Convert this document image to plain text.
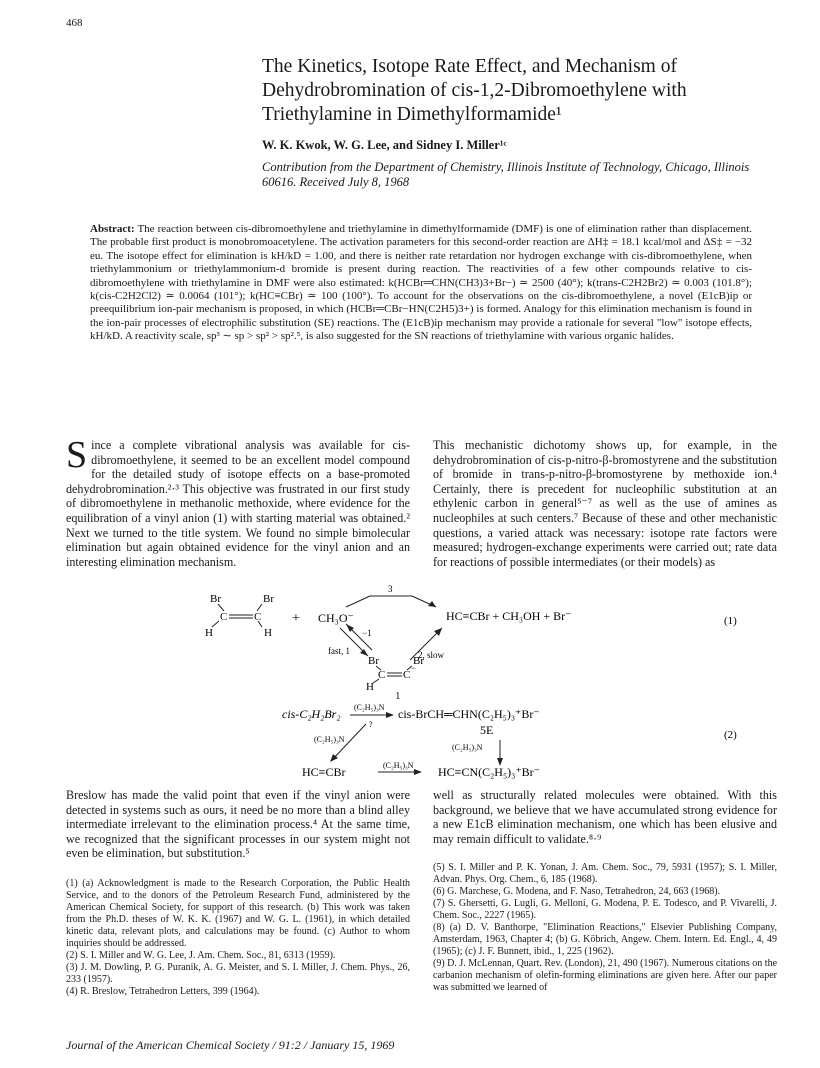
468
The Kinetics, Isotope Rate Effect, and Mechanism of Dehydrobromination of cis-1,2-Dibromoethylene with Triethylamine in Dimethylformamide¹
W. K. Kwok, W. G. Lee, and Sidney I. Miller¹ᶜ
Contribution from the Department of Chemistry, Illinois Institute of Technology, Chicago, Illinois 60616. Received July 8, 1968
Abstract: The reaction between cis-dibromoethylene and triethylamine in dimethylformamide (DMF) is one of elimination rather than displacement. The probable first product is monobromoacetylene. The activation parameters for this second-order reaction are ΔH‡ = 18.1 kcal/mol and ΔS‡ = −32 eu. The isotope effect for elimination is kH/kD = 1.00, and there is neither rate retardation nor hydrogen exchange with cis-dibromoethylene, when triethylammonium or triethylammonium-d bromide is present during reaction. The reactivities of a few other compounds relative to cis-dibromoethylene with triethylamine in DMF were also estimated: k(HCBr═CHN(CH3)3+Br−) ≃ 2500 (40°); k(trans-C2H2Br2) ≃ 0.003 (101.8°); k(cis-C2H2Cl2) ≃ 0.0064 (101°); k(HC≡CBr) ≃ 100 (100°). To account for the observations on the cis-dibromoethylene, a novel (E1cB)ip or preequilibrium ion-pair mechanism is proposed, in which (HCBr═CBr−HN(C2H5)3+) is formed. Analogy for this elimination mechanism is found in the ion-pair processes of electrophilic substitution (SE) reactions. The (E1cB)ip mechanism may provide a rationale for several "low" isotope effects, kH/kD. A reactivity scale, sp³ ∼ sp > sp² > sp².⁵, is also suggested for the SN reactions of triethylamine with various organic halides.
Since a complete vibrational analysis was available for cis-dibromoethylene, it seemed to be an excellent model compound for the detailed study of isotope effects on a base-promoted dehydrobromination.²·³ This objective was frustrated in our first study of dibromoethylene in methanolic methoxide, where evidence for the equilibration of a vinyl anion (1) with starting material was obtained.² Next we turned to the title system. We found no simple bimolecular elimination but again obtained evidence for the vinyl anion and an interesting elimination mechanism.
This mechanistic dichotomy shows up, for example, in the dehydrobromination of cis-p-nitro-β-bromostyrene and the substitution of bromide in trans-p-nitro-β-bromostyrene by methoxide ion.⁴ Certainly, there is precedent for nucleophilic substitution at an ethylenic carbon in general⁵⁻⁷ as well as the use of amines as nucleophiles at such centers.⁷ Because of these and other mechanistic questions, a varied attack was necessary: isotope rate factors were measured; hydrogen-exchange experiments were carried out; rate data for reactions of possible intermediates (or their models) as
Br	Br
C C
H	H
+ CH₃O⁻
3
HC≡CBr + CH₃OH + Br⁻
−1
fast, 1	2, slow
Br	Br
C C
−
H
(1)
1
cis-C₂H₂Br₂ (C₂H₅)₃N
?
cis-BrCH═CHN(C₂H₅)₃⁺Br⁻
5E
(C₂H₅)₃N
(C₂H₅)₃N
HC≡CBr	(C₂H₅)₃N HC≡CN(C₂H₅)₃⁺Br⁻
(2)
Breslow has made the valid point that even if the vinyl anion were detected in systems such as ours, it need be no more than a blind alley intermediate irrelevant to the elimination process.⁴ At the same time, we recognized that the significant processes in our system might not even be elimination, but substitution.⁵
well as structurally related molecules were obtained. With this background, we believe that we have accumulated strong evidence for a new E1cB elimination mechanism, one which has been elusive and may remain difficult to validate.⁸·⁹

(1) (a) Acknowledgment is made to the Research Corporation, the Public Health Service, and to the donors of the Petroleum Research Fund, administered by the American Chemical Society, for support of this research. (b) This work was taken from the Ph.D. theses of W. K. K. (1967) and W. G. L. (1961), in which detailed kinetic data, relevant plots, and calculations may be found. (c) Author to whom inquiries should be addressed.

(2) S. I. Miller and W. G. Lee, J. Am. Chem. Soc., 81, 6313 (1959).

(3) J. M. Dowling, P. G. Puranik, A. G. Meister, and S. I. Miller, J. Chem. Phys., 26, 233 (1957).

(4) R. Breslow, Tetrahedron Letters, 399 (1964).

(5) S. I. Miller and P. K. Yonan, J. Am. Chem. Soc., 79, 5931 (1957); S. I. Miller, Advan. Phys. Org. Chem., 6, 185 (1968).

(6) G. Marchese, G. Modena, and F. Naso, Tetrahedron, 24, 663 (1968).

(7) S. Ghersetti, G. Lugli, G. Melloni, G. Modena, P. E. Todesco, and P. Vivarelli, J. Chem. Soc., 2227 (1965).

(8) (a) D. V. Banthorpe, "Elimination Reactions," Elsevier Publishing Company, Amsterdam, 1963, Chapter 4; (b) G. Köbrich, Angew. Chem. Intern. Ed. Engl., 4, 49 (1965); (c) J. F. Bunnett, ibid., 1, 225 (1962).

(9) D. J. McLennan, Quart. Rev. (London), 21, 490 (1967). Numerous citations on the carbanion mechanism of olefin-forming eliminations are given here. After our paper was submitted we learned of

Journal of the American Chemical Society / 91:2 / January 15, 1969
